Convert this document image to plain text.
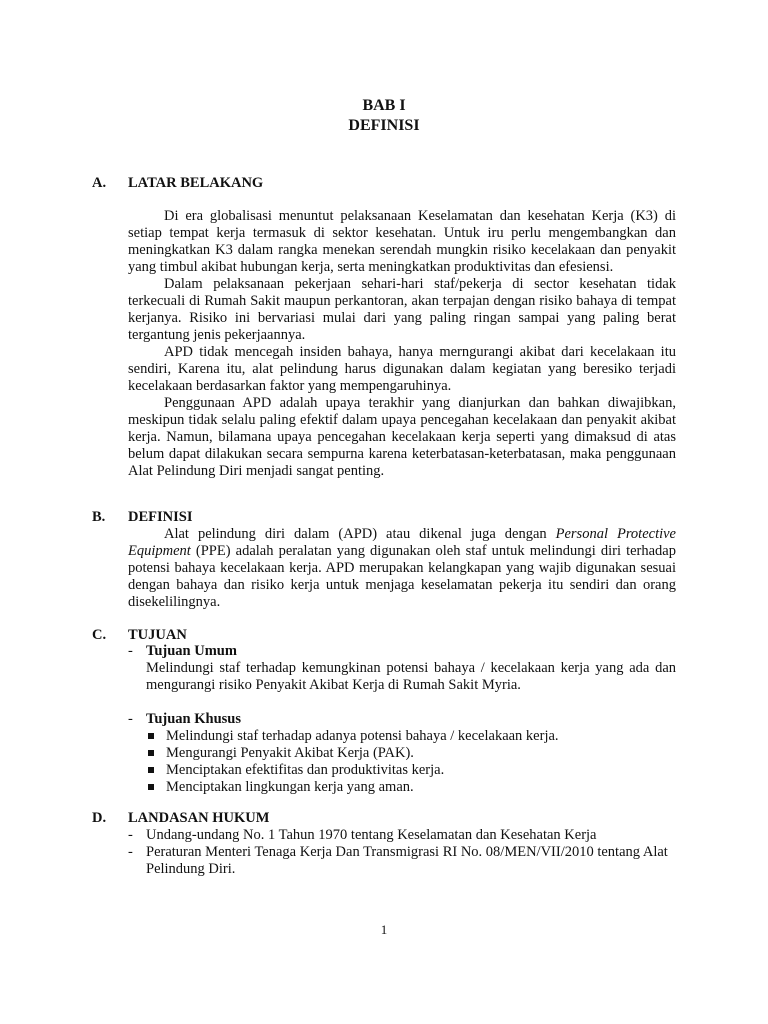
BAB I
DEFINISI
A. LATAR BELAKANG

Di era globalisasi menuntut pelaksanaan Keselamatan dan kesehatan Kerja (K3) di setiap tempat kerja termasuk di sektor kesehatan. Untuk iru perlu mengembangkan dan meningkatkan K3 dalam rangka menekan serendah mungkin risiko kecelakaan dan penyakit yang timbul akibat hubungan kerja, serta meningkatkan produktivitas dan efesiensi.

Dalam pelaksanaan pekerjaan sehari-hari staf/pekerja di sector kesehatan tidak terkecuali di Rumah Sakit maupun perkantoran, akan terpajan dengan risiko bahaya di tempat kerjanya. Risiko ini bervariasi mulai dari yang paling ringan sampai yang paling berat tergantung jenis pekerjaannya.

APD tidak mencegah insiden bahaya, hanya merngurangi akibat dari kecelakaan itu sendiri, Karena itu, alat pelindung harus digunakan dalam kegiatan yang beresiko terjadi kecelakaan berdasarkan faktor yang mempengaruhinya.

Penggunaan APD adalah upaya terakhir yang dianjurkan dan bahkan diwajibkan, meskipun tidak selalu paling efektif dalam upaya pencegahan kecelakaan dan penyakit akibat kerja. Namun, bilamana upaya pencegahan kecelakaan kerja seperti yang dimaksud di atas belum dapat dilakukan secara sempurna karena keterbatasan-keterbatasan, maka penggunaan Alat Pelindung Diri menjadi sangat penting.

B. DEFINISI

Alat pelindung diri dalam (APD) atau dikenal juga dengan Personal Protective Equipment (PPE) adalah peralatan yang digunakan oleh staf untuk melindungi diri terhadap potensi bahaya kecelakaan kerja. APD merupakan kelangkapan yang wajib digunakan sesuai dengan bahaya dan risiko kerja untuk menjaga keselamatan pekerja itu sendiri dan orang disekelilingnya.

C. TUJUAN
- Tujuan Umum
Melindungi staf terhadap kemungkinan potensi bahaya / kecelakaan kerja yang ada dan mengurangi risiko Penyakit Akibat Kerja di Rumah Sakit Myria.
- Tujuan Khusus
Melindungi staf terhadap adanya potensi bahaya / kecelakaan kerja.
Mengurangi Penyakit Akibat Kerja (PAK).
Menciptakan efektifitas dan produktivitas kerja.
Menciptakan lingkungan kerja yang aman.
D. LANDASAN HUKUM
- Undang-undang No. 1 Tahun 1970 tentang Keselamatan dan Kesehatan Kerja
- Peraturan Menteri Tenaga Kerja Dan Transmigrasi RI No. 08/MEN/VII/2010 tentang Alat Pelindung Diri.
1
